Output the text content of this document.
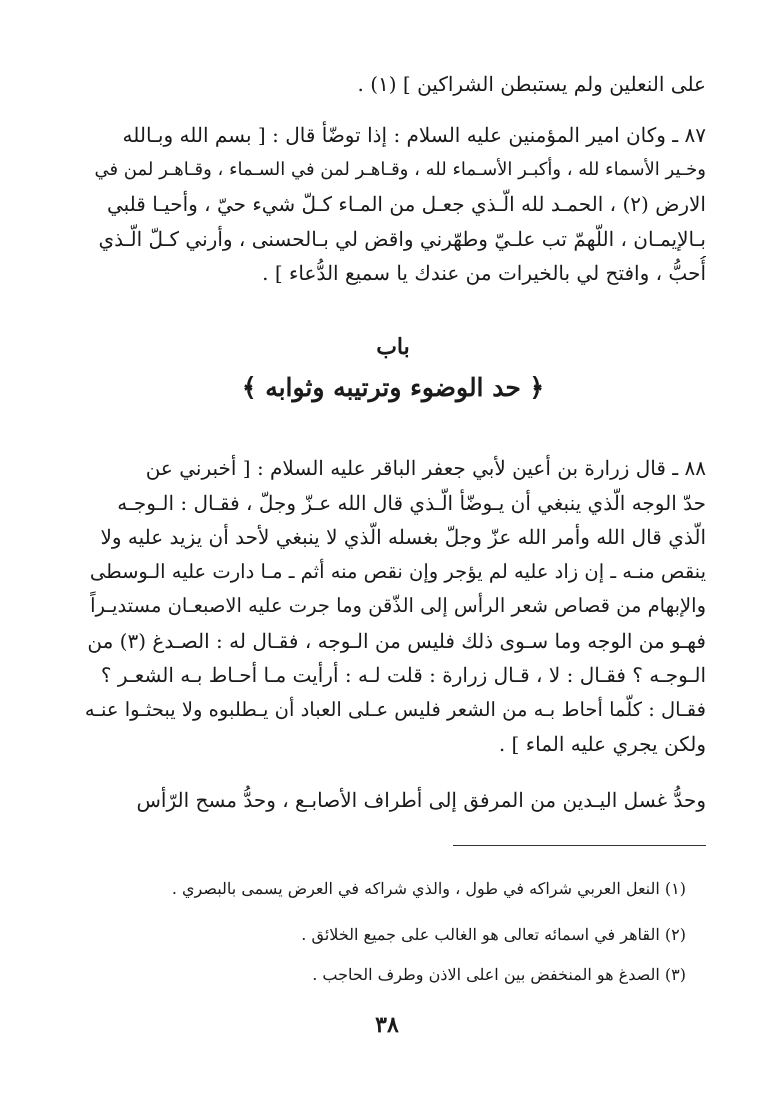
على النعلين ولم يستبطن الشراكين ] (١) .
٨٧ ـ وكان امير المؤمنين عليه السلام : إذا توضّأ قال : [ بسم الله وبـالله
وخـير الأسماء لله ، وأكبـر الأسـماء لله ، وقـاهـر لمن في السـماء ، وقـاهـر لمن في
الارض (٢) ، الحمـد لله الّـذي جعـل من المـاء كـلّ شيء حيّ ، وأحيـا قلبي
بـالإيمـان ، اللّهمّ تب علـيّ وطهّرني واقض لي بـالحسنى ، وأرني كـلّ الّـذي
أُحبُّ ، وافتح لي بالخيرات من عندك يا سميع الدُّعاء ] .
باب
﴿ حد الوضوء وترتيبه وثوابه ﴾
٨٨ ـ قال زرارة بن أعين لأبي جعفر الباقر عليه السلام : [ أخبرني عن
حدّ الوجه الّذي ينبغي أن يـوضّأ الّـذي قال الله عـزّ وجلّ ، فقـال : الـوجـه
الّذي قال الله وأمر الله عزّ وجلّ بغسله الّذي لا ينبغي لأحد أن يزيد عليه ولا
ينقص منـه ـ إن زاد عليه لم يؤجر وإن نقص منه أثم ـ مـا دارت عليه الـوسطى
والإبهام من قصاص شعر الرأس إلى الذّقن وما جرت عليه الاصبعـان مستديـراً
فهـو من الوجه وما سـوى ذلك فليس من الـوجه ، فقـال له : الصـدغ (٣) من
الـوجـه ؟ فقـال : لا ، قـال زرارة : قلت لـه : أرأيت مـا أحـاط بـه الشعـر ؟
فقـال : كلّما أحاط بـه من الشعر فليس عـلى العباد أن يـطلبوه ولا يبحثـوا عنـه
ولكن يجري عليه الماء ] .
وحدُّ غسل اليـدين من المرفق إلى أطراف الأصابـع ، وحدُّ مسح الرّأس
(١) النعل العربي شراكه في طول ، والذي شراكه في العرض يسمى بالبصري .
(٢) القاهر في اسمائه تعالى هو الغالب على جميع الخلائق .
(٣) الصدغ هو المنخفض بين اعلى الاذن وطرف الحاجب .
٣٨
